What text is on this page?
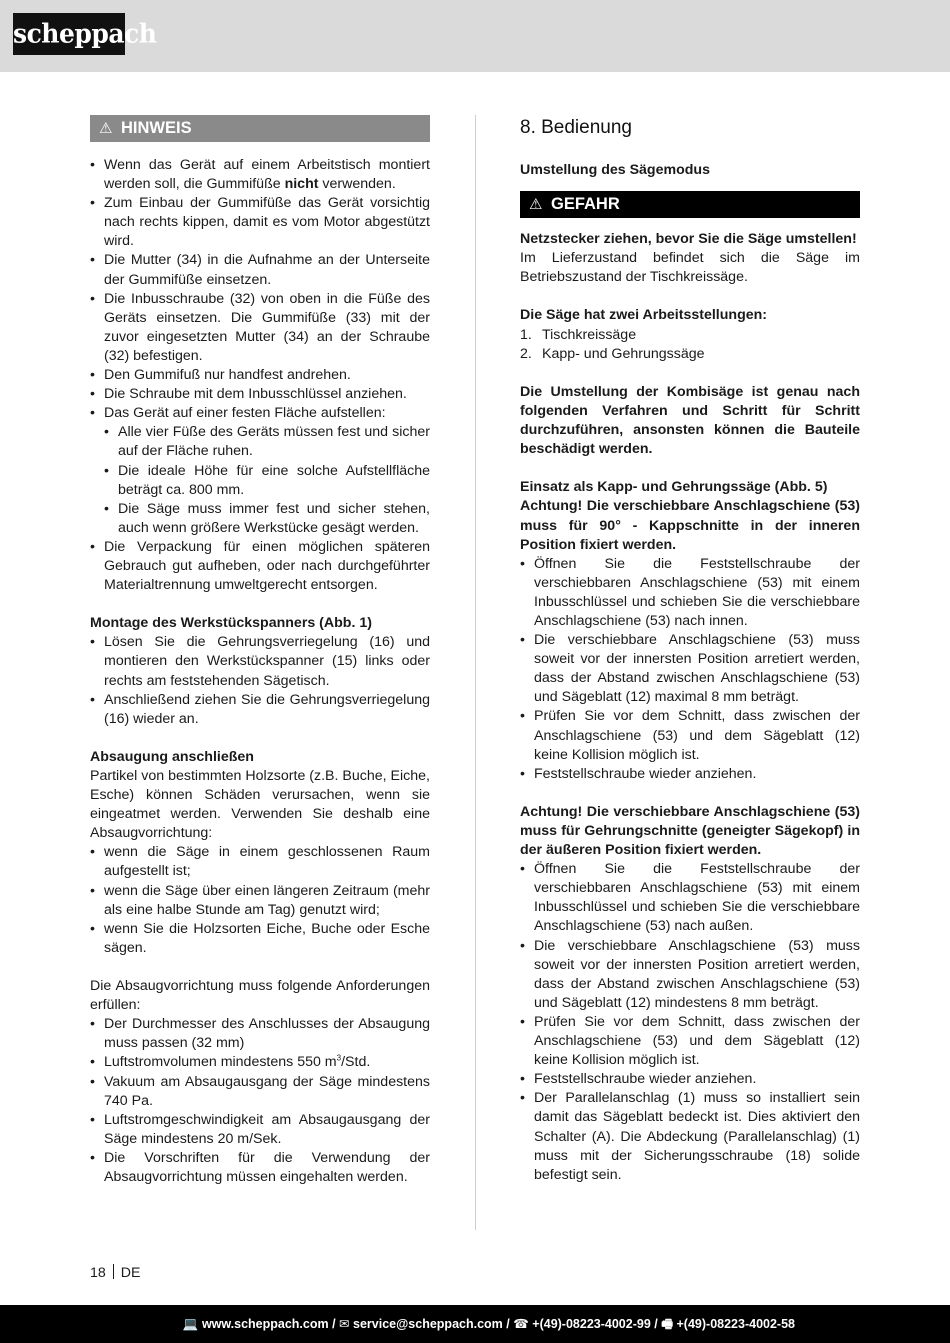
scheppach
⚠ HINWEIS
• Wenn das Gerät auf einem Arbeitstisch montiert werden soll, die Gummifüße nicht verwenden.
• Zum Einbau der Gummifüße das Gerät vorsichtig nach rechts kippen, damit es vom Motor abgestützt wird.
• Die Mutter (34) in die Aufnahme an der Unterseite der Gummifüße einsetzen.
• Die Inbusschraube (32) von oben in die Füße des Geräts einsetzen. Die Gummifüße (33) mit der zuvor eingesetzten Mutter (34) an der Schraube (32) befestigen.
• Den Gummifuß nur handfest andrehen.
• Die Schraube mit dem Inbusschlüssel anziehen.
• Das Gerät auf einer festen Fläche aufstellen:
• Alle vier Füße des Geräts müssen fest und sicher auf der Fläche ruhen.
• Die ideale Höhe für eine solche Aufstellfläche beträgt ca. 800 mm.
• Die Säge muss immer fest und sicher stehen, auch wenn größere Werkstücke gesägt werden.
• Die Verpackung für einen möglichen späteren Gebrauch gut aufheben, oder nach durchgeführter Materialtrennung umweltgerecht entsorgen.
Montage des Werkstückspanners (Abb. 1)
• Lösen Sie die Gehrungsverriegelung (16) und montieren den Werkstückspanner (15) links oder rechts am feststehenden Sägetisch.
• Anschließend ziehen Sie die Gehrungsverriegelung (16) wieder an.
Absaugung anschließen

Partikel von bestimmten Holzsorte (z.B. Buche, Eiche, Esche) können Schäden verursachen, wenn sie eingeatmet werden. Verwenden Sie deshalb eine Absaugvorrichtung:

• wenn die Säge in einem geschlossenen Raum aufgestellt ist;
• wenn die Säge über einen längeren Zeitraum (mehr als eine halbe Stunde am Tag) genutzt wird;
• wenn Sie die Holzsorten Eiche, Buche oder Esche sägen.

Die Absaugvorrichtung muss folgende Anforderungen erfüllen:

• Der Durchmesser des Anschlusses der Absaugung muss passen (32 mm)
• Luftstromvolumen mindestens 550 $m^3$/Std.
• Vakuum am Absaugausgang der Säge mindestens 740 Pa.
• Luftstromgeschwindigkeit am Absaugausgang der Säge mindestens 20 m/Sek.
• Die Vorschriften für die Verwendung der Absaugvorrichtung müssen eingehalten werden.
8. Bedienung
Umstellung des Sägemodus
⚠ GEFAHR

Netzstecker ziehen, bevor Sie die Säge umstellen!

Im Lieferzustand befindet sich die Säge im Betriebszustand der Tischkreissäge.

Die Säge hat zwei Arbeitsstellungen:
1. Tischkreissäge
2. Kapp- und Gehrungssäge

Die Umstellung der Kombisäge ist genau nach folgenden Verfahren und Schritt für Schritt durchzuführen, ansonsten können die Bauteile beschädigt werden.

Einsatz als Kapp- und Gehrungssäge (Abb. 5)

Achtung! Die verschiebbare Anschlagschiene (53) muss für 90° - Kappschnitte in der inneren Position fixiert werden.

• Öffnen Sie die Feststellschraube der verschiebbaren Anschlagschiene (53) mit einem Inbusschlüssel und schieben Sie die verschiebbare Anschlagschiene (53) nach innen.
• Die verschiebbare Anschlagschiene (53) muss soweit vor der innersten Position arretiert werden, dass der Abstand zwischen Anschlagschiene (53) und Sägeblatt (12) maximal 8 mm beträgt.
• Prüfen Sie vor dem Schnitt, dass zwischen der Anschlagschiene (53) und dem Sägeblatt (12) keine Kollision möglich ist.
• Feststellschraube wieder anziehen.

Achtung! Die verschiebbare Anschlagschiene (53) muss für Gehrungschnitte (geneigter Sägekopf) in der äußeren Position fixiert werden.

• Öffnen Sie die Feststellschraube der verschiebbaren Anschlagschiene (53) mit einem Inbusschlüssel und schieben Sie die verschiebbare Anschlagschiene (53) nach außen.
• Die verschiebbare Anschlagschiene (53) muss soweit vor der innersten Position arretiert werden, dass der Abstand zwischen Anschlagschiene (53) und Sägeblatt (12) mindestens 8 mm beträgt.
• Prüfen Sie vor dem Schnitt, dass zwischen der Anschlagschiene (53) und dem Sägeblatt (12) keine Kollision möglich ist.
• Feststellschraube wieder anziehen.
• Der Parallelanschlag (1) muss so installiert sein damit das Sägeblatt bedeckt ist. Dies aktiviert den Schalter (A). Die Abdeckung (Parallelanschlag) (1) muss mit der Sicherungsschraube (18) solide befestigt sein.
18 DE
💻 www.scheppach.com / ✉ service@scheppach.com / ☎ +(49)-08223-4002-99 / 🖷 +(49)-08223-4002-58
